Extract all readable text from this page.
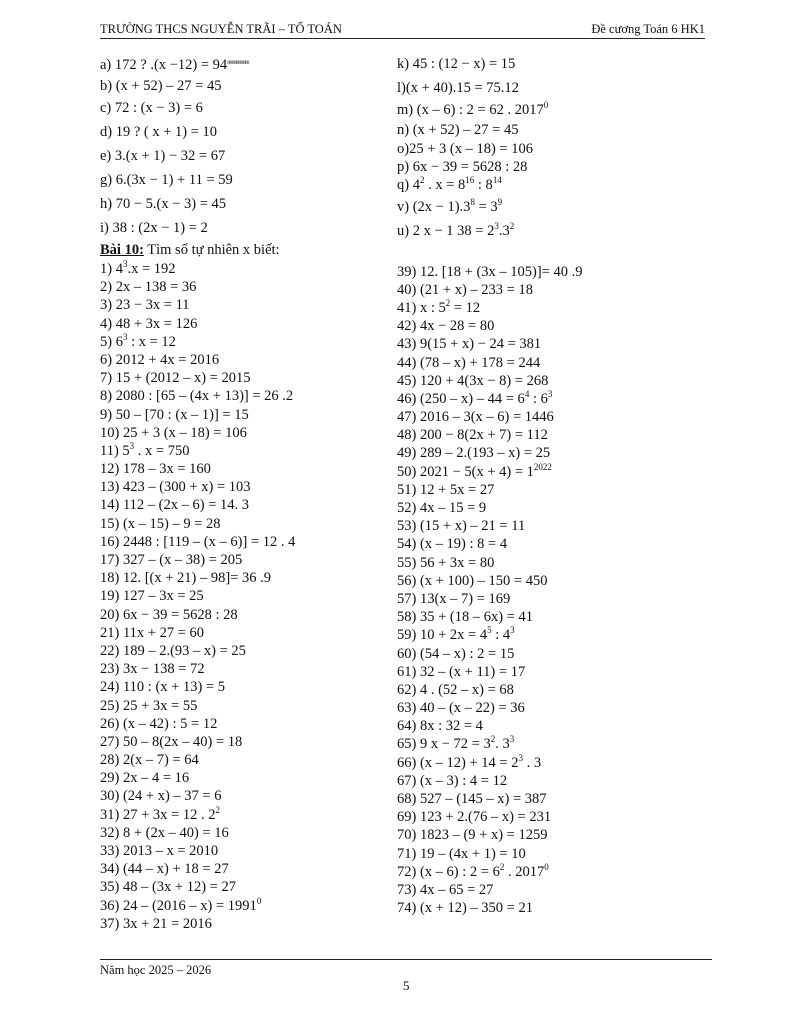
TRƯỜNG THCS NGUYỄN TRÃI – TỔ TOÁN	Đề cương Toán 6 HK1
a) 172 ? $.(x -12) = 94^{^{888888888888}}$
b) (x + 52) – 27 = 45
c) 72 : (x − 3) = 6
d) 19 ? ( x + 1) = 10
e) 3.(x + 1) − 32 = 67
g) 6.(3x − 1) + 11 = 59
h) 70 − 5.(x − 3) = 45
i) 38 : (2x − 1) = 2
Bài 10: Tìm số tự nhiên x biết:
1) $4^3.x = 192$
2) 2x – 138 = 36
3) 23 − 3x = 11
4) 48 + 3x = 126
5) $6^3$ : x = 12
6) 2012 + 4x = 2016
7) 15 + (2012 – x) = 2015
8) 2080 : [65 – (4x + 13)] = 26 .2
9) 50 – [70 : (x – 1)] = 15
10) 25 + 3 (x – 18) = 106
11) $5^3$ . x = 750
12) 178 – 3x = 160
13) 423 – (300 + x) = 103
14) 112 – (2x – 6) = 14. 3
15) (x – 15) – 9 = 28
16) 2448 : [119 – (x – 6)] = 12 . 4
17) 327 – (x – 38) = 205
18) 12. [(x + 21) – 98]= 36 .9
19) 127 – 3x = 25
20) 6x − 39 = 5628 : 28
21) 11x + 27 = 60
22) 189 – 2.(93 – x) = 25
23) 3x − 138 = 72
24) 110 : (x + 13) = 5
25) 25 + 3x = 55
26) (x – 42) : 5 = 12
27) 50 – 8(2x – 40) = 18
28) 2(x – 7) = 64
29) 2x – 4 = 16
30) (24 + x) – 37 = 6
31) 27 + 3x = 12 . $2^2$
32) 8 + (2x – 40) = 16
33) 2013 – x = 2010
34) (44 – x) + 18 = 27
35) 48 – (3x + 12) = 27
36) $24 - (2016 - x) = 1991^0$
37) 3x + 21 = 2016
k) 45 : (12 − x) = 15
l)(x + 40).15 = 75.12
m) (x – 6) : 2 = 62 . 2017$^0$
n) (x + 52) – 27 = 45
o)25 + 3 (x – 18) = 106
p) 6x − 39 = 5628 : 28
q) $4^2$ . $x = 8^{16}$ : $8^{14}$
v) $(2x - 1).3^8 = 3^9$
u) 2 x − 1 $38 = 2^3.3^2$
39) 12. [18 + (3x – 105)]= 40 .9
40) (21 + x) – 233 = 18
41) x : $5^2 = 12$
42) 4x − 28 = 80
43) 9(15 + x) − 24 = 381
44) (78 – x) + 178 = 244
45) 120 + 4(3x − 8) = 268
46) $(250 - x) - 44 = 6^4$ : $6^3$
47) 2016 – 3(x – 6) = 1446
48) 200 − 8(2x + 7) = 112
49) 289 – 2.(193 – x) = 25
50) $2021 - 5(x + 4) = 1^{2022}$
51) 12 + 5x = 27
52) 4x – 15 = 9
53) (15 + x) – 21 = 11
54) (x – 19) : 8 = 4
55) 56 + 3x = 80
56) (x + 100) – 150 = 450
57) 13(x – 7) = 169
58) 35 + (18 – 6x) = 41
59) $10 + 2x = 4^5$ : $4^3$
60) (54 – x) : 2 = 15
61) 32 – (x + 11) = 17
62) 4 . (52 – x) = 68
63) 40 – (x – 22) = 36
64) 8x : 32 = 4
65) 9 $x - 72 = 3^2$. $3^3$
66) $(x - 12) + 14 = 2^3$ . 3
67) (x – 3) : 4 = 12
68) 527 – (145 – x) = 387
69) 123 + 2.(76 – x) = 231
70) 1823 – (9 + x) = 1259
71) 19 – (4x + 1) = 10
72) (x – 6) : $2 = 6^2$ . 2017$^0$
73) 4x – 65 = 27
74) (x + 12) – 350 = 21
Năm học 2025 – 2026
5
